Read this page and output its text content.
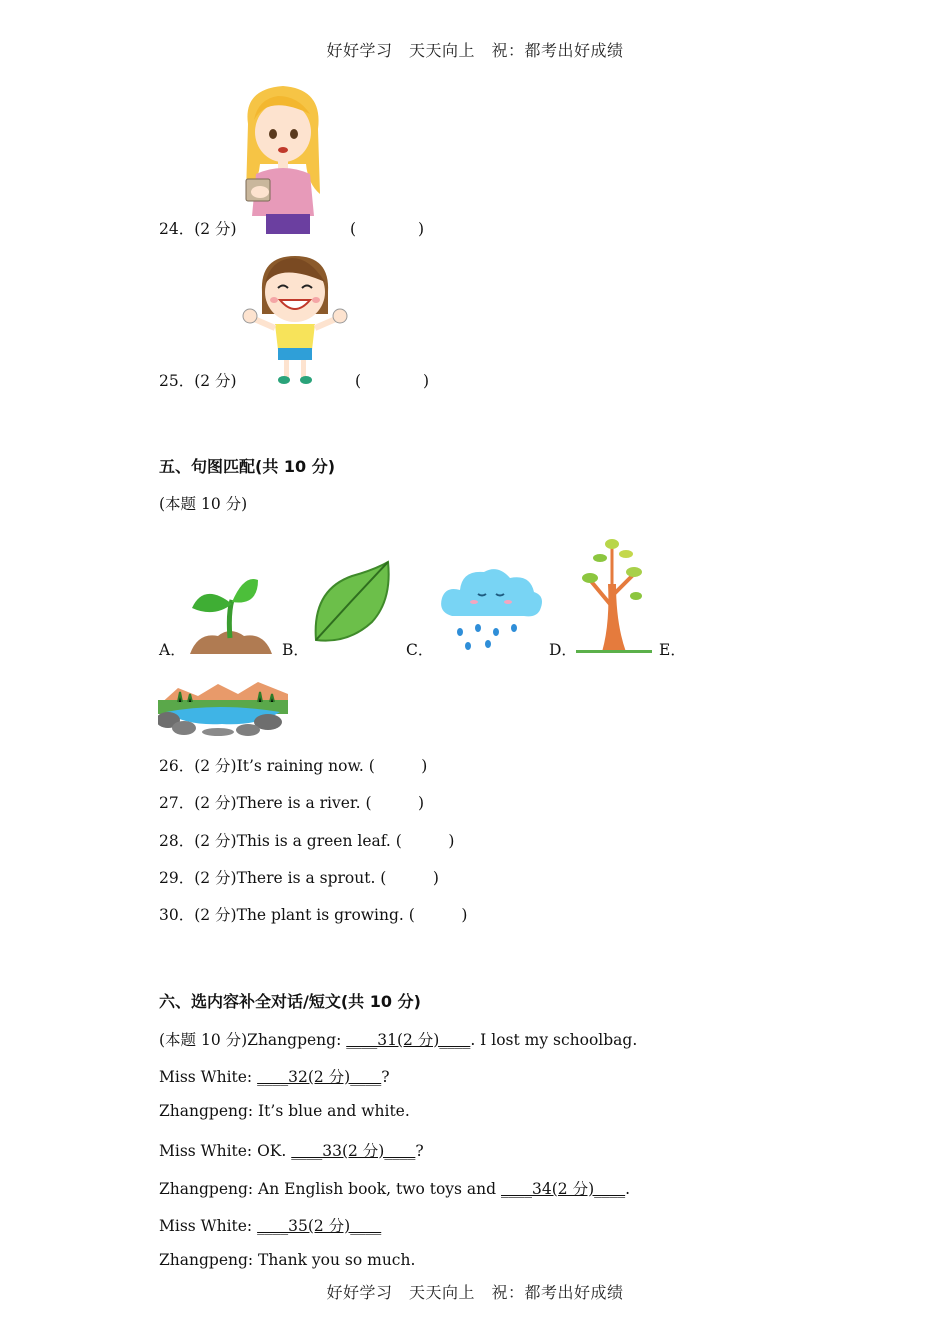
好好学习　天天向上　祝：都考出好成绩
好好学习　天天向上　祝：都考出好成绩
24．(2 分)	(　　　　)
25．(2 分)	(　　　　)
五、句图匹配(共 10 分)
(本题 10 分)
A．	B．	C．	D．	E．
26．(2 分)It’s raining now. (　　　)
27．(2 分)There is a river. (　　　)
28．(2 分)This is a green leaf. (　　　)
29．(2 分)There is a sprout. (　　　)
30．(2 分)The plant is growing. (　　　)
六、选内容补全对话/短文(共 10 分)
(本题 10 分)Zhangpeng: ____31(2 分)____. I lost my schoolbag.
Miss White: ____32(2 分)____?
Zhangpeng: It’s blue and white.
Miss White: OK. ____33(2 分)____?
Zhangpeng: An English book, two toys and ____34(2 分)____.
Miss White: ____35(2 分)____
Zhangpeng: Thank you so much.
